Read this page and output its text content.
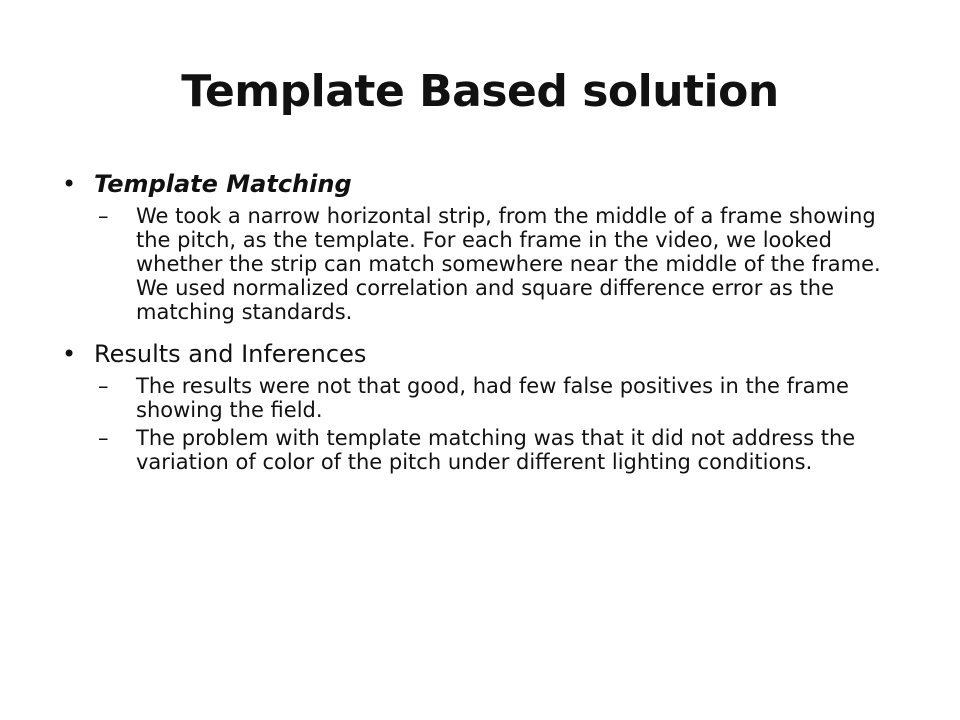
Template Based solution
• Template Matching
– We took a narrow horizontal strip, from the middle of a frame showing the pitch, as the template. For each frame in the video, we looked whether the strip can match somewhere near the middle of the frame. We used normalized correlation and square difference error as the matching standards.
• Results and Inferences
– The results were not that good, had few false positives in the frame showing the field.
– The problem with template matching was that it did not address the variation of color of the pitch under different lighting conditions.
